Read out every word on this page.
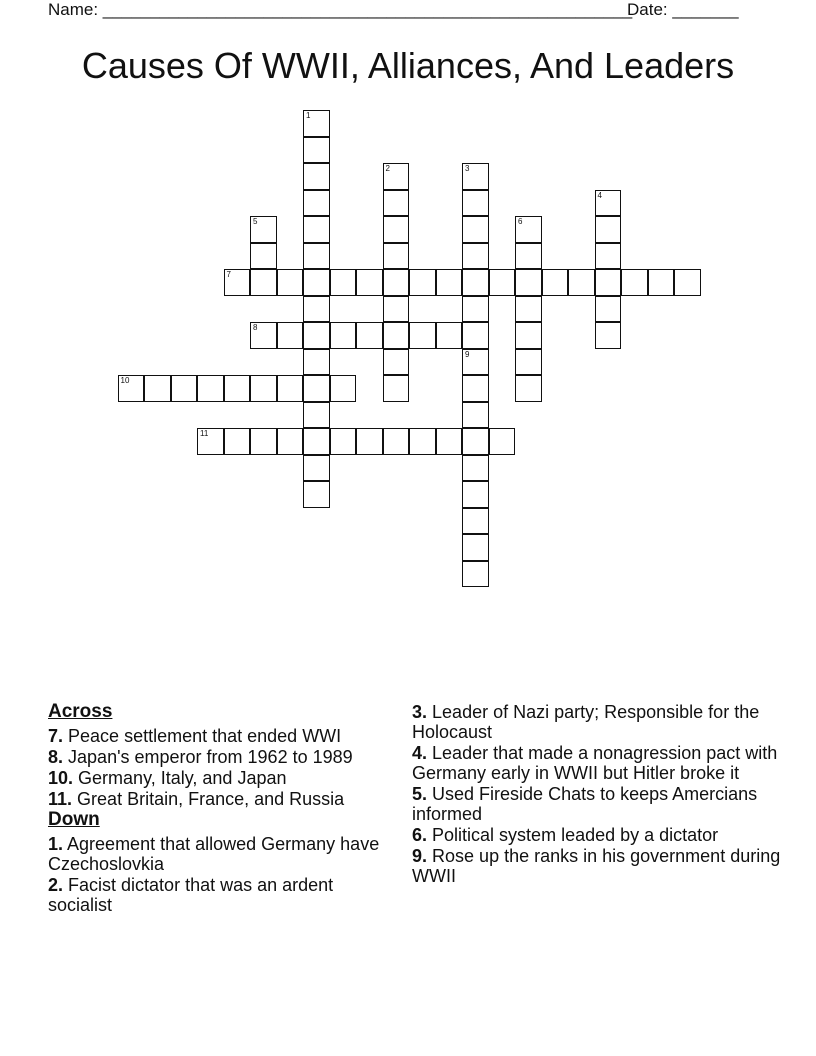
Name: ________________________________________________________
Date: _______
Causes Of WWII, Alliances, And Leaders
1
2	3
4
5	6
7
8
9
10
11
Across
7. Peace settlement that ended WWI
8. Japan's emperor from 1962 to 1989
10. Germany, Italy, and Japan
11. Great Britain, France, and Russia
Down
1. Agreement that allowed Germany have Czechoslovkia
2. Facist dictator that was an ardent socialist
3. Leader of Nazi party; Responsible for the Holocaust
4. Leader that made a nonagression pact with Germany early in WWII but Hitler broke it
5. Used Fireside Chats to keeps Amercians informed
6. Political system leaded by a dictator
9. Rose up the ranks in his government during WWII
